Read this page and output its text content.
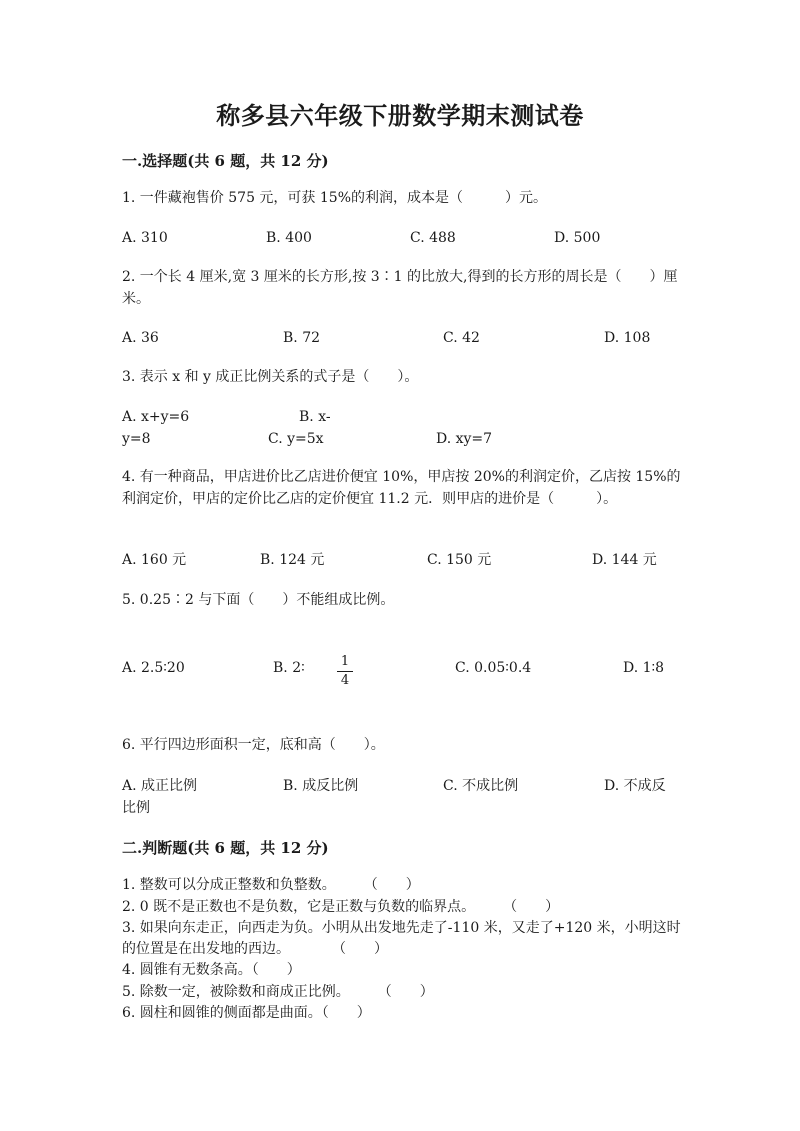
称多县六年级下册数学期末测试卷
一.选择题(共 6 题，共 12 分)
1. 一件藏袍售价 575 元，可获 15%的利润，成本是（　　　）元。
A. 310	B. 400	C. 488	D. 500
2. 一个长 4 厘米,宽 3 厘米的长方形,按 3∶1 的比放大,得到的长方形的周长是（　　）厘米。
A. 36	B. 72	C. 42	D. 108
3. 表示 x 和 y 成正比例关系的式子是（　　）。
A. x+y=6	B. x-
y=8	C. y=5x	D. xy=7
4. 有一种商品，甲店进价比乙店进价便宜 10%，甲店按 20%的利润定价，乙店按 15%的利润定价，甲店的定价比乙店的定价便宜 11.2 元．则甲店的进价是（　　　）。
A. 160 元	B. 124 元	C. 150 元	D. 144 元
5. 0.25∶2 与下面（　　）不能组成比例。
A. 2.5∶20	B. 2∶	1
4
C. 0.05∶0.4	D. 1∶8
6. 平行四边形面积一定，底和高（　　）。
A. 成正比例	B. 成反比例	C. 不成比例	D. 不成反
比例
二.判断题(共 6 题，共 12 分)
1. 整数可以分成正整数和负整数。　　　（　　）
2. 0 既不是正数也不是负数，它是正数与负数的临界点。　　　（　　）
3. 如果向东走正，向西走为负。小明从出发地先走了-110 米，又走了+120 米，小明这时的位置是在出发地的西边。　　　　（　　）
4. 圆锥有无数条高。（　　）
5. 除数一定，被除数和商成正比例。　　　（　　）
6. 圆柱和圆锥的侧面都是曲面。（　　）
